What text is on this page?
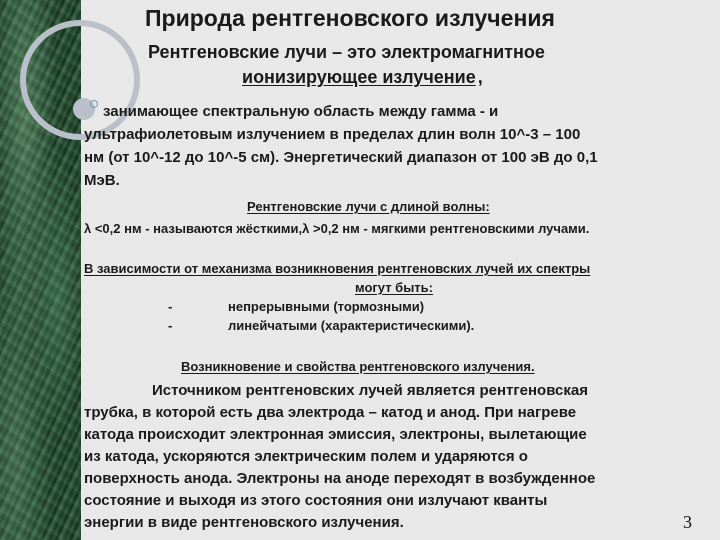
Природа рентгеновского излучения
Рентгеновские лучи – это электромагнитное
ионизирующее излучение ,
занимающее спектральную область между гамма - и
ультрафиолетовым излучением в пределах длин волн 10^-3 – 100
нм (от 10^-12 до 10^-5 см). Энергетический диапазон от 100 эВ до 0,1
МэВ.
Рентгеновские лучи с длиной волны:
λ <0,2 нм - называются жёсткими,λ >0,2 нм - мягкими рентгеновскими лучами.
В зависимости от механизма возникновения рентгеновских лучей их спектры
могут быть:
-	непрерывными (тормозными)
-	линейчатыми (характеристическими).
Возникновение и свойства рентгеновского излучения.
Источником рентгеновских лучей является рентгеновская
трубка, в которой есть два электрода – катод и анод. При нагреве
катода происходит электронная эмиссия, электроны, вылетающие
из катода, ускоряются электрическим полем и ударяются о
поверхность анода. Электроны на аноде переходят в возбужденное
состояние и выходя из этого состояния они излучают кванты
энергии в виде рентгеновского излучения.	3
